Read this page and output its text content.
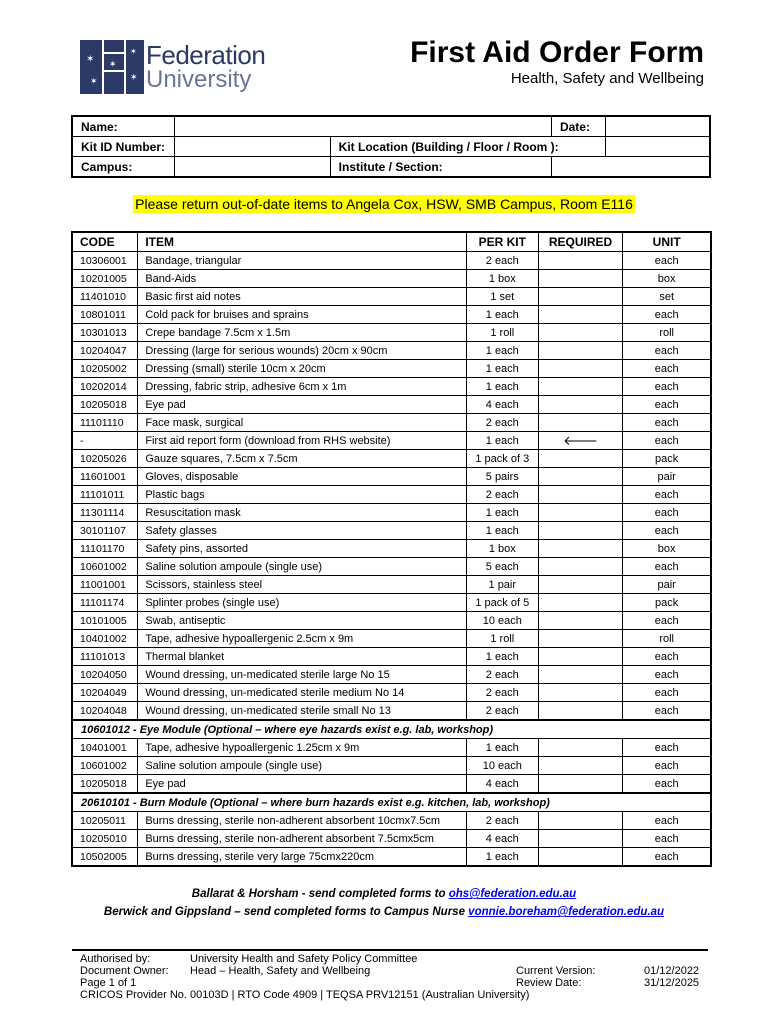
✶
✶
✶
✶
✶
Federation
University
First Aid Order Form
Health, Safety and Wellbeing
Name:			Date:	
Kit ID Number:		Kit Location (Building / Floor / Room ):		
Campus:		Institute / Section:		
Please return out-of-date items to Angela Cox, HSW, SMB Campus, Room E116
CODE	ITEM	PER KIT	REQUIRED	UNIT
10306001	Bandage, triangular	2 each		each
10201005	Band-Aids	1 box		box
11401010	Basic first aid notes	1 set		set
10801011	Cold pack for bruises and sprains	1 each		each
10301013	Crepe bandage 7.5cm x 1.5m	1 roll		roll
10204047	Dressing (large for serious wounds) 20cm x 90cm	1 each		each
10205002	Dressing (small) sterile 10cm x 20cm	1 each		each
10202014	Dressing, fabric strip, adhesive 6cm x 1m	1 each		each
10205018	Eye pad	4 each		each
11101110	Face mask, surgical	2 each		each
-	First aid report form (download from RHS website)	1 each	🡐	each
10205026	Gauze squares, 7.5cm x 7.5cm	1 pack of 3		pack
11601001	Gloves, disposable	5 pairs		pair
11101011	Plastic bags	2 each		each
11301114	Resuscitation mask	1 each		each
30101107	Safety glasses	1 each		each
11101170	Safety pins, assorted	1 box		box
10601002	Saline solution ampoule (single use)	5 each		each
11001001	Scissors, stainless steel	1 pair		pair
11101174	Splinter probes (single use)	1 pack of 5		pack
10101005	Swab, antiseptic	10 each		each
10401002	Tape, adhesive hypoallergenic 2.5cm x 9m	1 roll		roll
11101013	Thermal blanket	1 each		each
10204050	Wound dressing, un-medicated sterile large No 15	2 each		each
10204049	Wound dressing, un-medicated sterile medium No 14	2 each		each
10204048	Wound dressing, un-medicated sterile small No 13	2 each		each
10601012 - Eye Module (Optional – where eye hazards exist e.g. lab, workshop)				
10401001	Tape, adhesive hypoallergenic 1.25cm x 9m	1 each		each
10601002	Saline solution ampoule (single use)	10 each		each
10205018	Eye pad	4 each		each
20610101 - Burn Module (Optional – where burn hazards exist e.g. kitchen, lab, workshop)				
10205011	Burns dressing, sterile non-adherent absorbent 10cmx7.5cm	2 each		each
10205010	Burns dressing, sterile non-adherent absorbent 7.5cmx5cm	4 each		each
10502005	Burns dressing, sterile very large 75cmx220cm	1 each		each
Ballarat & Horsham - send completed forms to ohs@federation.edu.au
Berwick and Gippsland – send completed forms to Campus Nurse vonnie.boreham@federation.edu.au
Authorised by:	University Health and Safety Policy Committee
Document Owner: Head – Health, Safety and Wellbeing	Current Version:	01/12/2022
Page 1 of 1	Review Date:	31/12/2025
CRICOS Provider No. 00103D | RTO Code 4909 | TEQSA PRV12151 (Australian University)
